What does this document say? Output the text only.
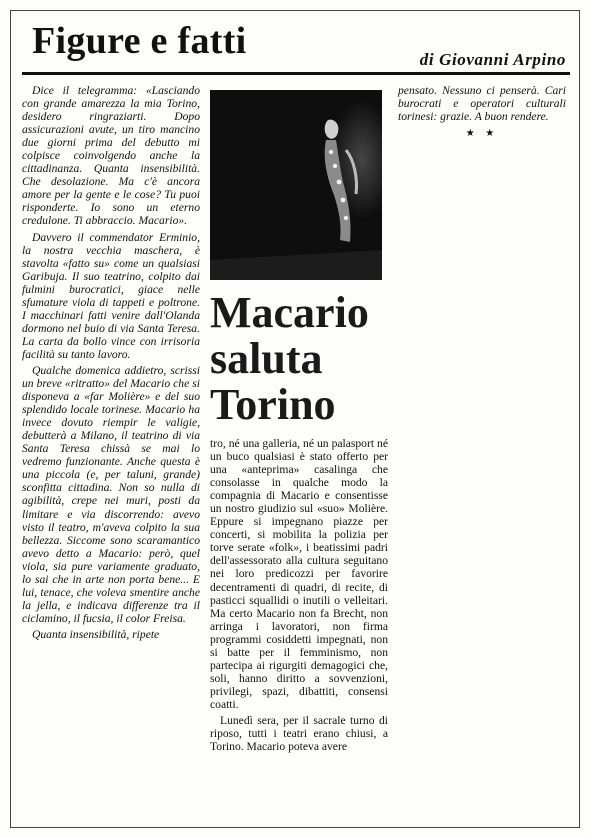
Figure e fatti	di Giovanni Arpino

Dice il telegramma: «Lasciando con grande amarezza la mia Torino, desidero ringraziarti. Dopo assicurazioni avute, un tiro mancino due giorni prima del debutto mi colpisce coinvolgendo anche la cittadinanza. Quanta insensibilità. Che desolazione. Ma c'è ancora amore per la gente e le cose? Tu puoi risponderte. Io sono un eterno credulone. Ti abbraccio. Macario».

Davvero il commendator Erminio, la nostra vecchia maschera, è stavolta «fatto su» come un qualsiasi Garibuja. Il suo teatrino, colpito dai fulmini burocratici, giace nelle sfumature viola di tappeti e poltrone. I macchinari fatti venire dall'Olanda dormono nel buio di via Santa Teresa. La carta da bollo vince con irrisoria facilità su tanto lavoro.

Qualche domenica addietro, scrissi un breve «ritratto» del Macario che si disponeva a «far Molière» e del suo splendido locale torinese. Macario ha invece dovuto riempir le valigie, debutterà a Milano, il teatrino di via Santa Teresa chissà se mai lo vedremo funzionante. Anche questa è una piccola (e, per taluni, grande) sconfitta cittadina. Non so nulla di agibilità, crepe nei muri, posti da limitare e via discorrendo: avevo visto il teatro, m'aveva colpito la sua bellezza. Siccome sono scaramantico avevo detto a Macario: però, quel viola, sia pure variamente graduato, lo sai che in arte non porta bene... E lui, tenace, che voleva smentire anche la jella, e indicava differenze tra il ciclamino, il fucsia, il color Freisa.

Quanta insensibilità, ripete

Macario
saluta
Torino

tro, né una galleria, né un palasport né un buco qualsiasi è stato offerto per una «anteprima» casalinga che consolasse in qualche modo la compagnia di Macario e consentisse un nostro giudizio sul «suo» Molière. Eppure si impegnano piazze per concerti, si mobilita la polizia per torve serate «folk», i beatissimi padri dell'assessorato alla cultura seguitano nei loro predicozzi per favorire decentramenti di quadri, di recite, di pasticci squallidi o inutili o velleitari. Ma certo Macario non fa Brecht, non arringa i lavoratori, non firma programmi cosiddetti impegnati, non si batte per il femminismo, non partecipa ai rigurgiti demagogici che, soli, hanno diritto a sovvenzioni, privilegi, spazi, dibattiti, consensi coatti.

Lunedì sera, per il sacrale turno di riposo, tutti i teatri erano chiusi, a Torino. Macario poteva avere

pensato. Nessuno ci penserà. Cari burocrati e operatori culturali torinesi: grazie. A buon rendere.

★ ★
